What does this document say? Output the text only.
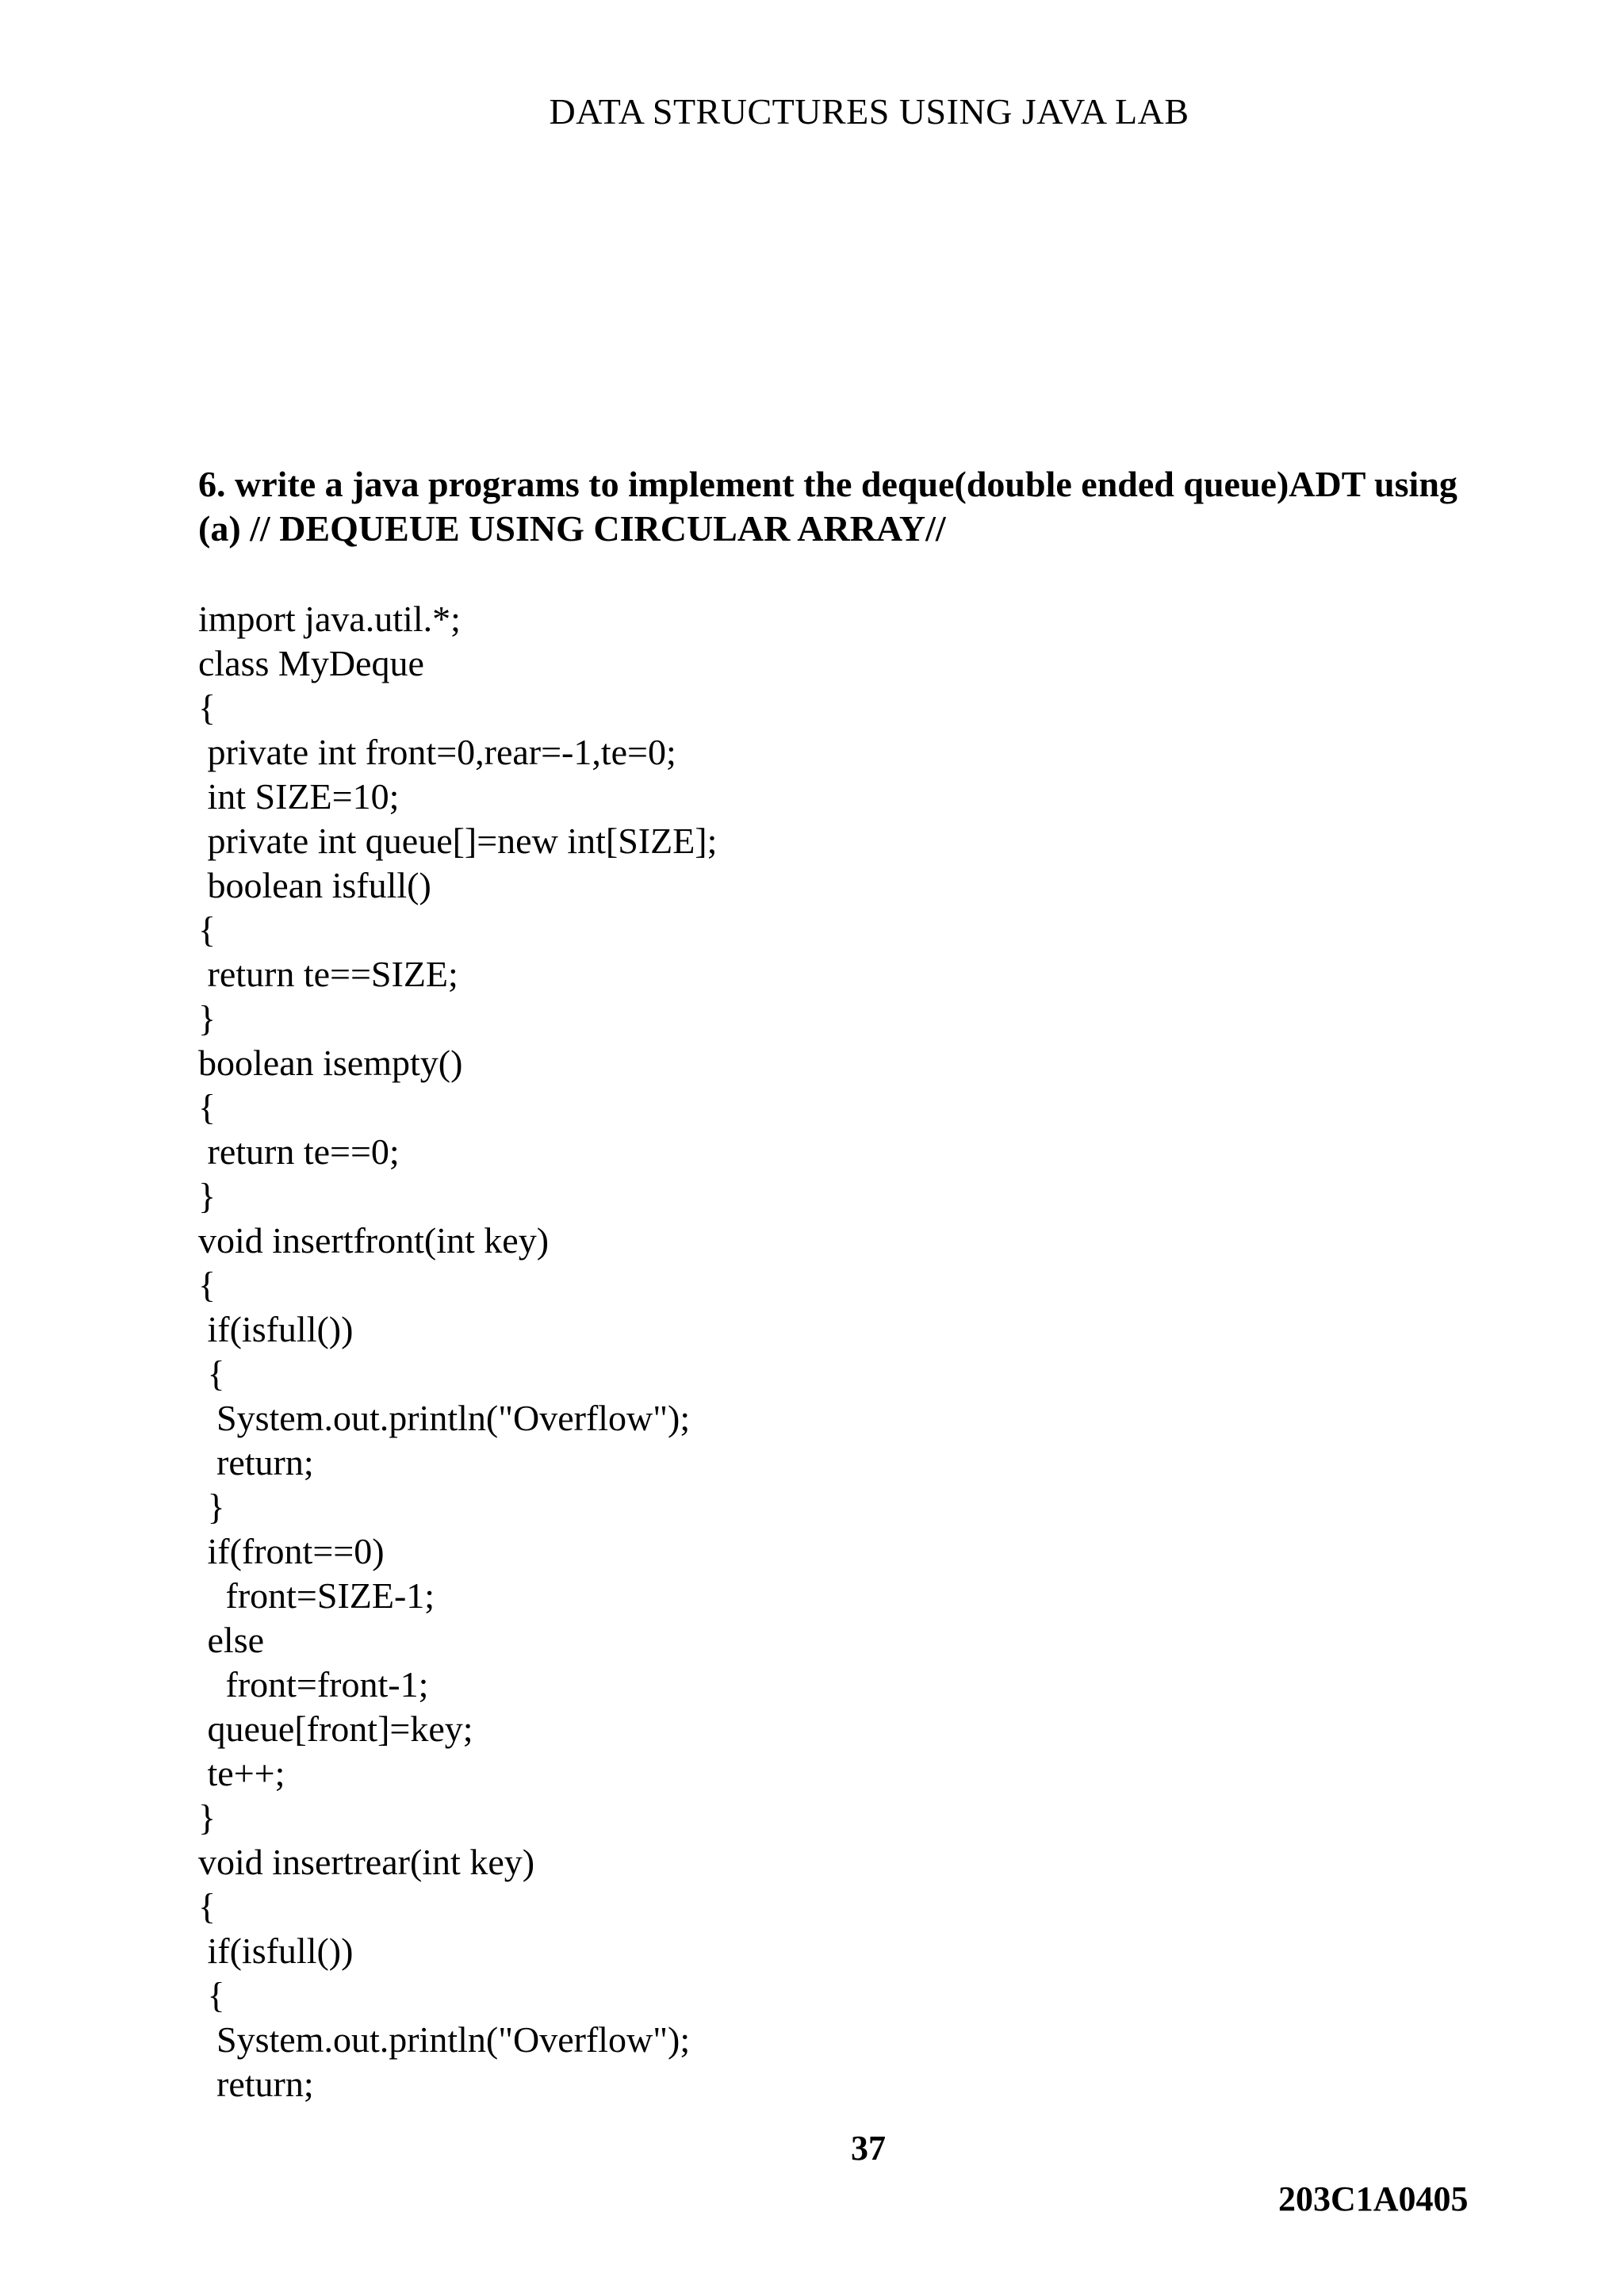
DATA STRUCTURES USING JAVA LAB
6. write a java programs to implement the deque(double ended queue)ADT using
(a) // DEQUEUE USING CIRCULAR ARRAY//
import java.util.*;
class MyDeque
{
private int front=0,rear=-1,te=0;
int SIZE=10;
private int queue[]=new int[SIZE];
boolean isfull()
{
return te==SIZE;
}
boolean isempty()
{
return te==0;
}
void insertfront(int key)
{
if(isfull())
{
System.out.println("Overflow");
return;
}
if(front==0)
front=SIZE-1;
else
front=front-1;
queue[front]=key;
te++;
}
void insertrear(int key)
{
if(isfull())
{
System.out.println("Overflow");
return;
37
203C1A0405
